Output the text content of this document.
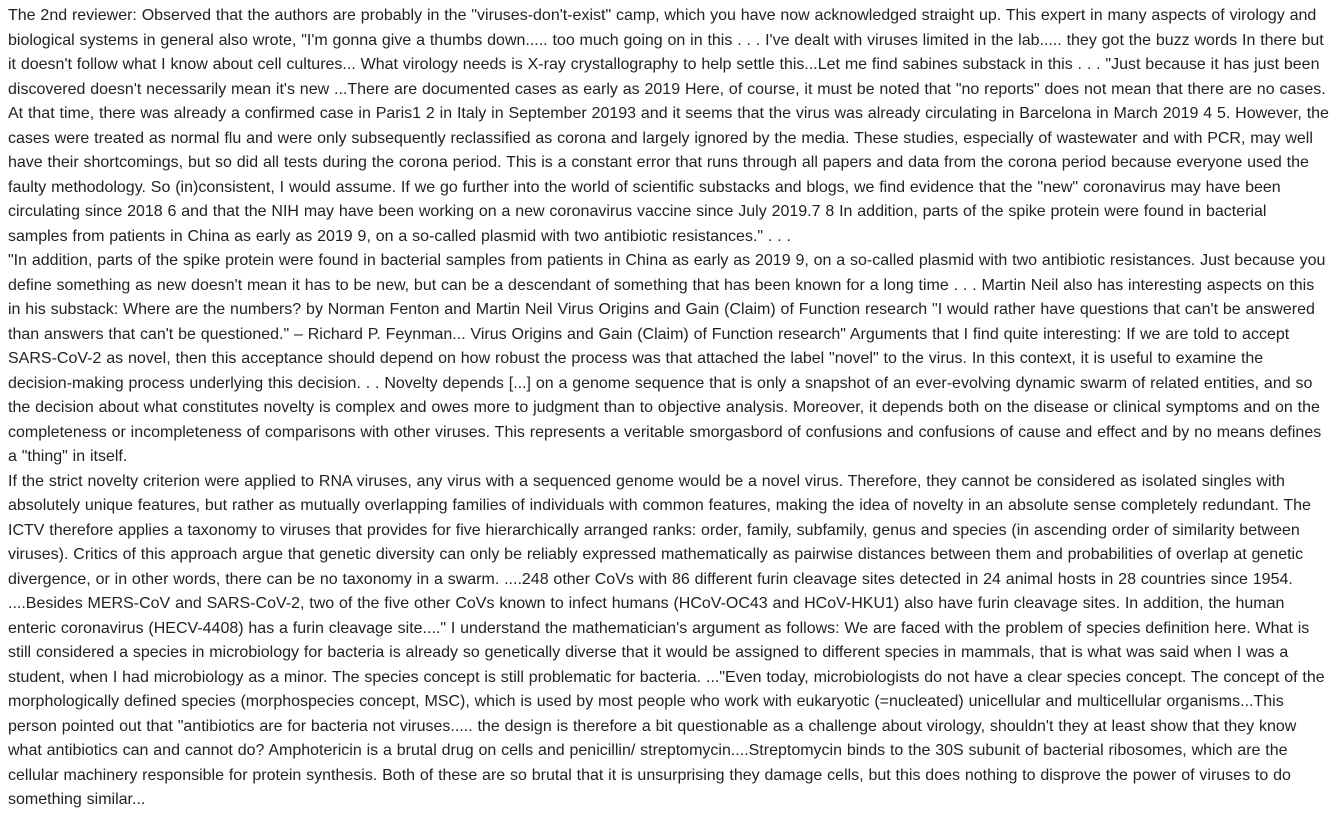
The 2nd reviewer: Observed that the authors are probably in the "viruses-don't-exist" camp, which you have now acknowledged straight up. This expert in many aspects of virology and biological systems in general also wrote, "I'm gonna give a thumbs down..... too much going on in this . . . I've dealt with viruses limited in the lab..... they got the buzz words In there but it doesn't follow what I know about cell cultures... What virology needs is X-ray crystallography to help settle this...Let me find sabines substack in this . . . "Just because it has just been discovered doesn't necessarily mean it's new ...There are documented cases as early as 2019 Here, of course, it must be noted that "no reports" does not mean that there are no cases. At that time, there was already a confirmed case in Paris1 2 in Italy in September 20193 and it seems that the virus was already circulating in Barcelona in March 2019 4 5. However, the cases were treated as normal flu and were only subsequently reclassified as corona and largely ignored by the media. These studies, especially of wastewater and with PCR, may well have their shortcomings, but so did all tests during the corona period. This is a constant error that runs through all papers and data from the corona period because everyone used the faulty methodology. So (in)consistent, I would assume. If we go further into the world of scientific substacks and blogs, we find evidence that the "new" coronavirus may have been circulating since 2018 6 and that the NIH may have been working on a new coronavirus vaccine since July 2019.7 8 In addition, parts of the spike protein were found in bacterial samples from patients in China as early as 2019 9, on a so-called plasmid with two antibiotic resistances." . . .

"In addition, parts of the spike protein were found in bacterial samples from patients in China as early as 2019 9, on a so-called plasmid with two antibiotic resistances. Just because you define something as new doesn't mean it has to be new, but can be a descendant of something that has been known for a long time . . . Martin Neil also has interesting aspects on this in his substack: Where are the numbers? by Norman Fenton and Martin Neil Virus Origins and Gain (Claim) of Function research "I would rather have questions that can't be answered than answers that can't be questioned." – Richard P. Feynman... Virus Origins and Gain (Claim) of Function research" Arguments that I find quite interesting: If we are told to accept SARS-CoV-2 as novel, then this acceptance should depend on how robust the process was that attached the label "novel" to the virus. In this context, it is useful to examine the decision-making process underlying this decision. . . Novelty depends [...] on a genome sequence that is only a snapshot of an ever-evolving dynamic swarm of related entities, and so the decision about what constitutes novelty is complex and owes more to judgment than to objective analysis. Moreover, it depends both on the disease or clinical symptoms and on the completeness or incompleteness of comparisons with other viruses. This represents a veritable smorgasbord of confusions and confusions of cause and effect and by no means defines a "thing" in itself.

If the strict novelty criterion were applied to RNA viruses, any virus with a sequenced genome would be a novel virus. Therefore, they cannot be considered as isolated singles with absolutely unique features, but rather as mutually overlapping families of individuals with common features, making the idea of novelty in an absolute sense completely redundant. The ICTV therefore applies a taxonomy to viruses that provides for five hierarchically arranged ranks: order, family, subfamily, genus and species (in ascending order of similarity between viruses). Critics of this approach argue that genetic diversity can only be reliably expressed mathematically as pairwise distances between them and probabilities of overlap at genetic divergence, or in other words, there can be no taxonomy in a swarm. ....248 other CoVs with 86 different furin cleavage sites detected in 24 animal hosts in 28 countries since 1954. ....Besides MERS-CoV and SARS-CoV-2, two of the five other CoVs known to infect humans (HCoV-OC43 and HCoV-HKU1) also have furin cleavage sites. In addition, the human enteric coronavirus (HECV-4408) has a furin cleavage site...." I understand the mathematician's argument as follows: We are faced with the problem of species definition here. What is still considered a species in microbiology for bacteria is already so genetically diverse that it would be assigned to different species in mammals, that is what was said when I was a student, when I had microbiology as a minor. The species concept is still problematic for bacteria. ..."Even today, microbiologists do not have a clear species concept. The concept of the morphologically defined species (morphospecies concept, MSC), which is used by most people who work with eukaryotic (=nucleated) unicellular and multicellular organisms...This person pointed out that "antibiotics are for bacteria not viruses..... the design is therefore a bit questionable as a challenge about virology, shouldn't they at least show that they know what antibiotics can and cannot do? Amphotericin is a brutal drug on cells and penicillin/ streptomycin....Streptomycin binds to the 30S subunit of bacterial ribosomes, which are the cellular machinery responsible for protein synthesis. Both of these are so brutal that it is unsurprising they damage cells, but this does nothing to disprove the power of viruses to do something similar...
